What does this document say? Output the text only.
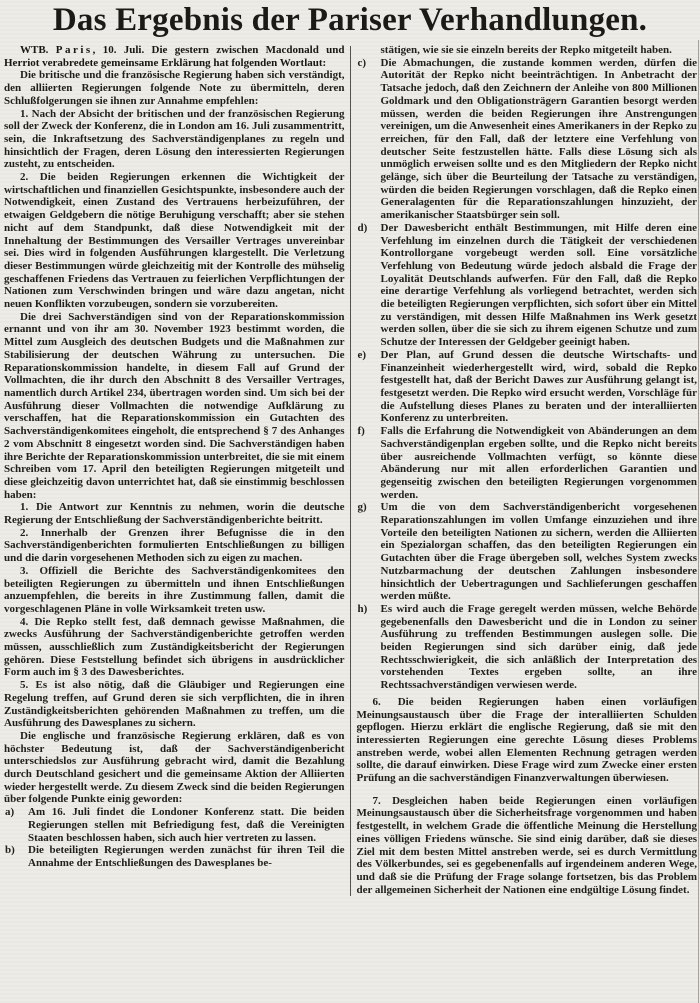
Das Ergebnis der Pariser Verhandlungen.

WTB. Paris, 10. Juli. Die gestern zwischen Macdonald und Herriot verabredete gemeinsame Erklärung hat folgenden Wortlaut:

Die britische und die französische Regierung haben sich verständigt, den alliierten Regierungen folgende Note zu übermitteln, deren Schlußfolgerungen sie ihnen zur Annahme empfehlen:

1. Nach der Absicht der britischen und der französischen Regierung soll der Zweck der Konferenz, die in London am 16. Juli zusammentritt, sein, die Inkraftsetzung des Sachverständigenplanes zu regeln und hinsichtlich der Fragen, deren Lösung den interessierten Regierungen zusteht, zu entscheiden.

2. Die beiden Regierungen erkennen die Wichtigkeit der wirtschaftlichen und finanziellen Gesichtspunkte, insbesondere auch der Notwendigkeit, einen Zustand des Vertrauens herbeizuführen, der etwaigen Geldgebern die nötige Beruhigung verschafft; aber sie stehen nicht auf dem Standpunkt, daß diese Notwendigkeit mit der Innehaltung der Bestimmungen des Versailler Vertrages unvereinbar sei. Dies wird in folgenden Ausführungen klargestellt. Die Verletzung dieser Bestimmungen würde gleichzeitig mit der Kontrolle des mühselig geschaffenen Friedens das Vertrauen zu feierlichen Verpflichtungen der Nationen zum Verschwinden bringen und wäre dazu angetan, nicht neuen Konflikten vorzubeugen, sondern sie vorzubereiten.

Die drei Sachverständigen sind von der Reparationskommission ernannt und von ihr am 30. November 1923 bestimmt worden, die Mittel zum Ausgleich des deutschen Budgets und die Maßnahmen zur Stabilisierung der deutschen Währung zu untersuchen. Die Reparationskommission handelte, in diesem Fall auf Grund der Vollmachten, die ihr durch den Abschnitt 8 des Versailler Vertrages, namentlich durch Artikel 234, übertragen worden sind. Um sich bei der Ausführung dieser Vollmachten die notwendige Aufklärung zu verschaffen, hat die Reparationskommission ein Gutachten des Sachverständigenkomitees eingeholt, die entsprechend § 7 des Anhanges 2 vom Abschnitt 8 eingesetzt worden sind. Die Sachverständigen haben ihre Berichte der Reparationskommission unterbreitet, die sie mit einem Schreiben vom 17. April den beteiligten Regierungen mitgeteilt und diese gleichzeitig davon unterrichtet hat, daß sie einstimmig beschlossen haben:

1. Die Antwort zur Kenntnis zu nehmen, worin die deutsche Regierung der Entschließung der Sachverständigenberichte beitritt.

2. Innerhalb der Grenzen ihrer Befugnisse die in den Sachverständigenberichten formulierten Entschließungen zu billigen und die darin vorgesehenen Methoden sich zu eigen zu machen.

3. Offiziell die Berichte des Sachverständigenkomitees den beteiligten Regierungen zu übermitteln und ihnen Entschließungen anzuempfehlen, die bereits in ihre Zustimmung fallen, damit die vorgeschlagenen Pläne in volle Wirksamkeit treten usw.

4. Die Repko stellt fest, daß demnach gewisse Maßnahmen, die zwecks Ausführung der Sachverständigenberichte getroffen werden müssen, ausschließlich zum Zuständigkeitsbericht der Regierungen gehören. Diese Feststellung befindet sich übrigens in ausdrücklicher Form auch im § 3 des Dawesberichtes.

5. Es ist also nötig, daß die Gläubiger und Regierungen eine Regelung treffen, auf Grund deren sie sich verpflichten, die in ihren Zuständigkeitsberichten gehörenden Maßnahmen zu treffen, um die Ausführung des Dawesplanes zu sichern.

Die englische und französische Regierung erklären, daß es von höchster Bedeutung ist, daß der Sachverständigenbericht unterschiedslos zur Ausführung gebracht wird, damit die Bezahlung durch Deutschland gesichert und die gemeinsame Aktion der Alliierten wieder hergestellt werde. Zu diesem Zweck sind die beiden Regierungen über folgende Punkte einig geworden:

a) Am 16. Juli findet die Londoner Konferenz statt. Die beiden Regierungen stellen mit Befriedigung fest, daß die Vereinigten Staaten beschlossen haben, sich auch hier vertreten zu lassen.

b) Die beteiligten Regierungen werden zunächst für ihren Teil die Annahme der Entschließungen des Dawesplanes be-

stätigen, wie sie sie einzeln bereits der Repko mitgeteilt haben.

c) Die Abmachungen, die zustande kommen werden, dürfen die Autorität der Repko nicht beeinträchtigen. In Anbetracht der Tatsache jedoch, daß den Zeichnern der Anleihe von 800 Millionen Goldmark und den Obligationsträgern Garantien besorgt werden müssen, werden die beiden Regierungen ihre Anstrengungen vereinigen, um die Anwesenheit eines Amerikaners in der Repko zu erreichen, für den Fall, daß der letztere eine Verfehlung von deutscher Seite festzustellen hätte. Falls diese Lösung sich als unmöglich erweisen sollte und es den Mitgliedern der Repko nicht gelänge, sich über die Beurteilung der Tatsache zu verständigen, würden die beiden Regierungen vorschlagen, daß die Repko einen Generalagenten für die Reparationszahlungen hinzuzieht, der amerikanischer Staatsbürger sein soll.

d) Der Dawesbericht enthält Bestimmungen, mit Hilfe deren eine Verfehlung im einzelnen durch die Tätigkeit der verschiedenen Kontrollorgane vorgebeugt werden soll. Eine vorsätzliche Verfehlung von Bedeutung würde jedoch alsbald die Frage der Loyalität Deutschlands aufwerfen. Für den Fall, daß die Repko eine derartige Verfehlung als vorliegend betrachtet, werden sich die beteiligten Regierungen verpflichten, sich sofort über ein Mittel zu verständigen, mit dessen Hilfe Maßnahmen ins Werk gesetzt werden sollen, über die sie sich zu ihrem eigenen Schutze und zum Schutze der Interessen der Geldgeber geeinigt haben.

e) Der Plan, auf Grund dessen die deutsche Wirtschafts- und Finanzeinheit wiederhergestellt wird, wird, sobald die Repko festgestellt hat, daß der Bericht Dawes zur Ausführung gelangt ist, festgesetzt werden. Die Repko wird ersucht werden, Vorschläge für die Aufstellung dieses Planes zu beraten und der interalliierten Konferenz zu unterbreiten.

f) Falls die Erfahrung die Notwendigkeit von Abänderungen an dem Sachverständigenplan ergeben sollte, und die Repko nicht bereits über ausreichende Vollmachten verfügt, so könnte diese Abänderung nur mit allen erforderlichen Garantien und gegenseitig zwischen den beteiligten Regierungen vorgenommen werden.

g) Um die von dem Sachverständigenbericht vorgesehenen Reparationszahlungen im vollen Umfange einzuziehen und ihre Vorteile den beteiligten Nationen zu sichern, werden die Alliierten ein Spezialorgan schaffen, das den beteiligten Regierungen ein Gutachten über die Frage übergeben soll, welches System zwecks Nutzbarmachung der deutschen Zahlungen insbesondere hinsichtlich der Uebertragungen und Sachlieferungen geschaffen werden müßte.

h) Es wird auch die Frage geregelt werden müssen, welche Behörde gegebenenfalls den Dawesbericht und die in London zu seiner Ausführung zu treffenden Bestimmungen auslegen solle. Die beiden Regierungen sind sich darüber einig, daß jede Rechtsschwierigkeit, die sich anläßlich der Interpretation des vorstehenden Textes ergeben sollte, an ihre Rechtssachverständigen verwiesen werde.

6. Die beiden Regierungen haben einen vorläufigen Meinungsaustausch über die Frage der interalliierten Schulden gepflogen. Hierzu erklärt die englische Regierung, daß sie mit den interessierten Regierungen eine gerechte Lösung dieses Problems anstreben werde, wobei allen Elementen Rechnung getragen werden sollte, die darauf einwirken. Diese Frage wird zum Zwecke einer ersten Prüfung an die sachverständigen Finanzverwaltungen überwiesen.

7. Desgleichen haben beide Regierungen einen vorläufigen Meinungsaustausch über die Sicherheitsfrage vorgenommen und haben festgestellt, in welchem Grade die öffentliche Meinung die Herstellung eines völligen Friedens wünsche. Sie sind einig darüber, daß sie dieses Ziel mit dem besten Mittel anstreben werde, sei es durch Vermittlung des Völkerbundes, sei es gegebenenfalls auf irgendeinem anderen Wege, und daß sie die Prüfung der Frage solange fortsetzen, bis das Problem der allgemeinen Sicherheit der Nationen eine endgültige Lösung findet.
